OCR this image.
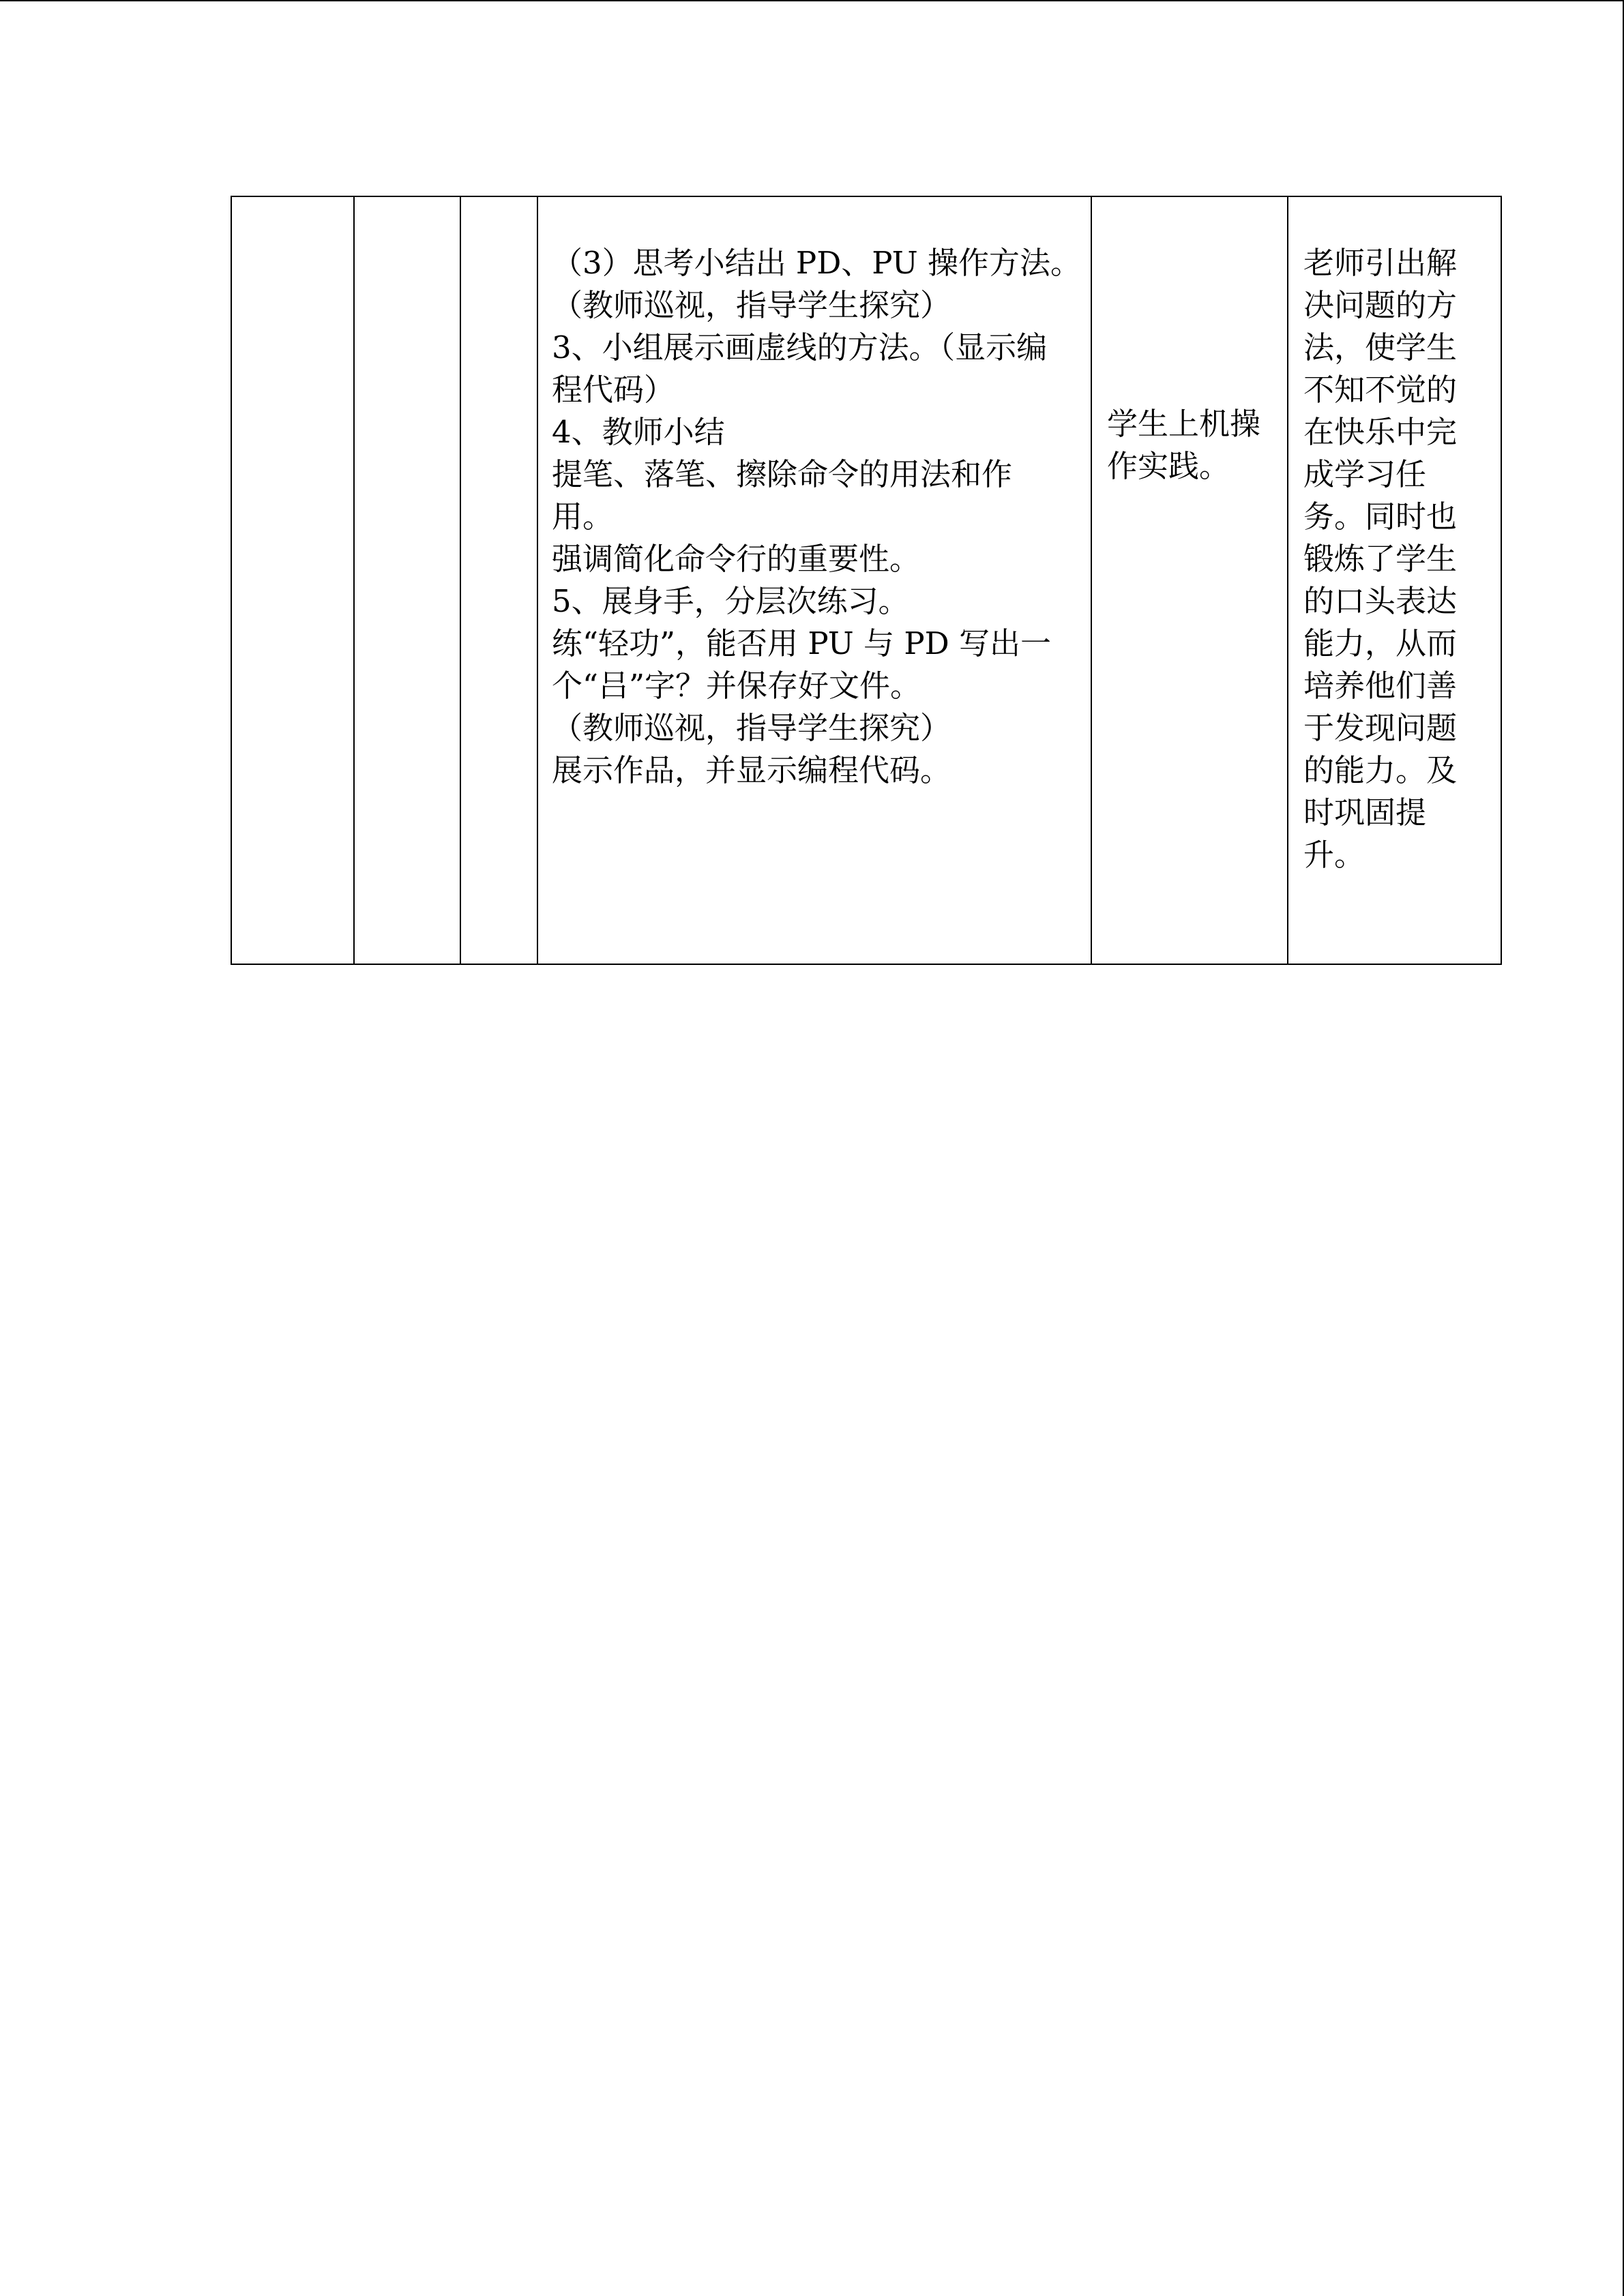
（3）思考小结出 PD、PU 操作方法。
（教师巡视，指导学生探究）
3、小组展示画虚线的方法。（显示编
程代码）
4、教师小结
提笔、落笔、擦除命令的用法和作
用。
强调简化命令行的重要性。
5、展身手，分层次练习。
练“轻功”，能否用 PU 与 PD 写出一
个“吕”字？并保存好文件。
（教师巡视，指导学生探究）
展示作品，并显示编程代码。

学生上机操
作实践。

老师引出解
决问题的方
法，使学生
不知不觉的
在快乐中完
成学习任
务。同时也
锻炼了学生
的口头表达
能力，从而
培养他们善
于发现问题
的能力。及
时巩固提
升。
